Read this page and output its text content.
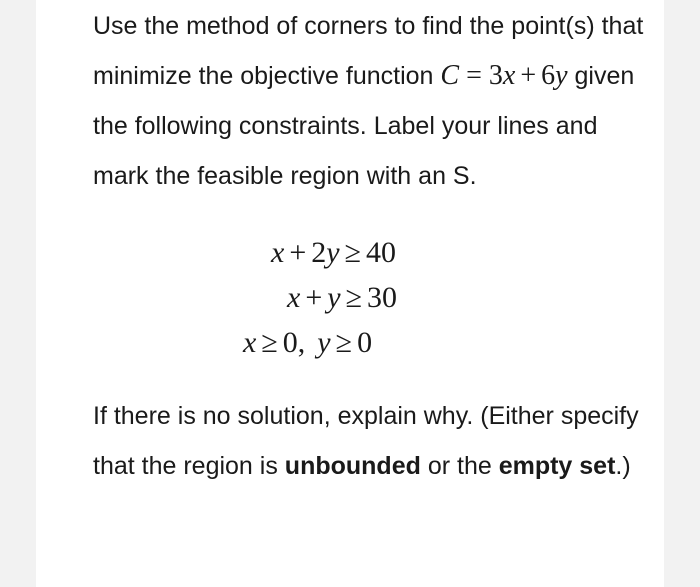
Use the method of corners to find the point(s) that minimize the objective function C = 3x + 6y given the following constraints. Label your lines and mark the feasible region with an S.

x + 2y ≥ 40
x + y ≥ 30
x ≥ 0, y ≥ 0

If there is no solution, explain why. (Either specify that the region is unbounded or the empty set.)
